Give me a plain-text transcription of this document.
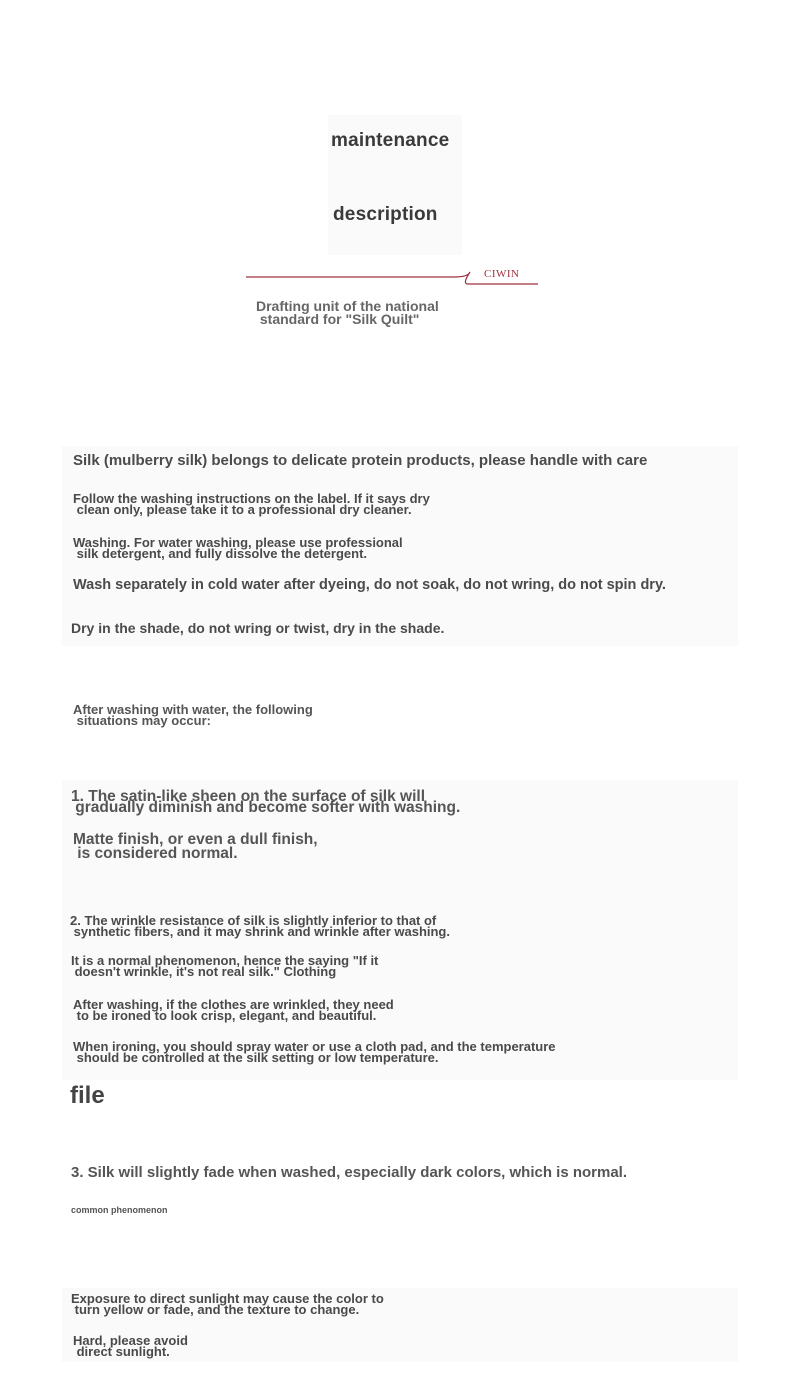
maintenance
description
CIWIN
Drafting unit of the national
standard for "Silk Quilt"
Silk (mulberry silk) belongs to delicate protein products, please handle with care
Follow the washing instructions on the label. If it says dry
clean only, please take it to a professional dry cleaner.
Washing. For water washing, please use professional
silk detergent, and fully dissolve the detergent.
Wash separately in cold water after dyeing, do not soak, do not wring, do not spin dry.
Dry in the shade, do not wring or twist, dry in the shade.
After washing with water, the following
situations may occur:
1. The satin-like sheen on the surface of silk will
gradually diminish and become softer with washing.
Matte finish, or even a dull finish,
is considered normal.
2. The wrinkle resistance of silk is slightly inferior to that of
synthetic fibers, and it may shrink and wrinkle after washing.
It is a normal phenomenon, hence the saying "If it
doesn't wrinkle, it's not real silk." Clothing
After washing, if the clothes are wrinkled, they need
to be ironed to look crisp, elegant, and beautiful.
When ironing, you should spray water or use a cloth pad, and the temperature
should be controlled at the silk setting or low temperature.
file
3. Silk will slightly fade when washed, especially dark colors, which is normal.
common phenomenon
Exposure to direct sunlight may cause the color to
turn yellow or fade, and the texture to change.
Hard, please avoid
direct sunlight.
